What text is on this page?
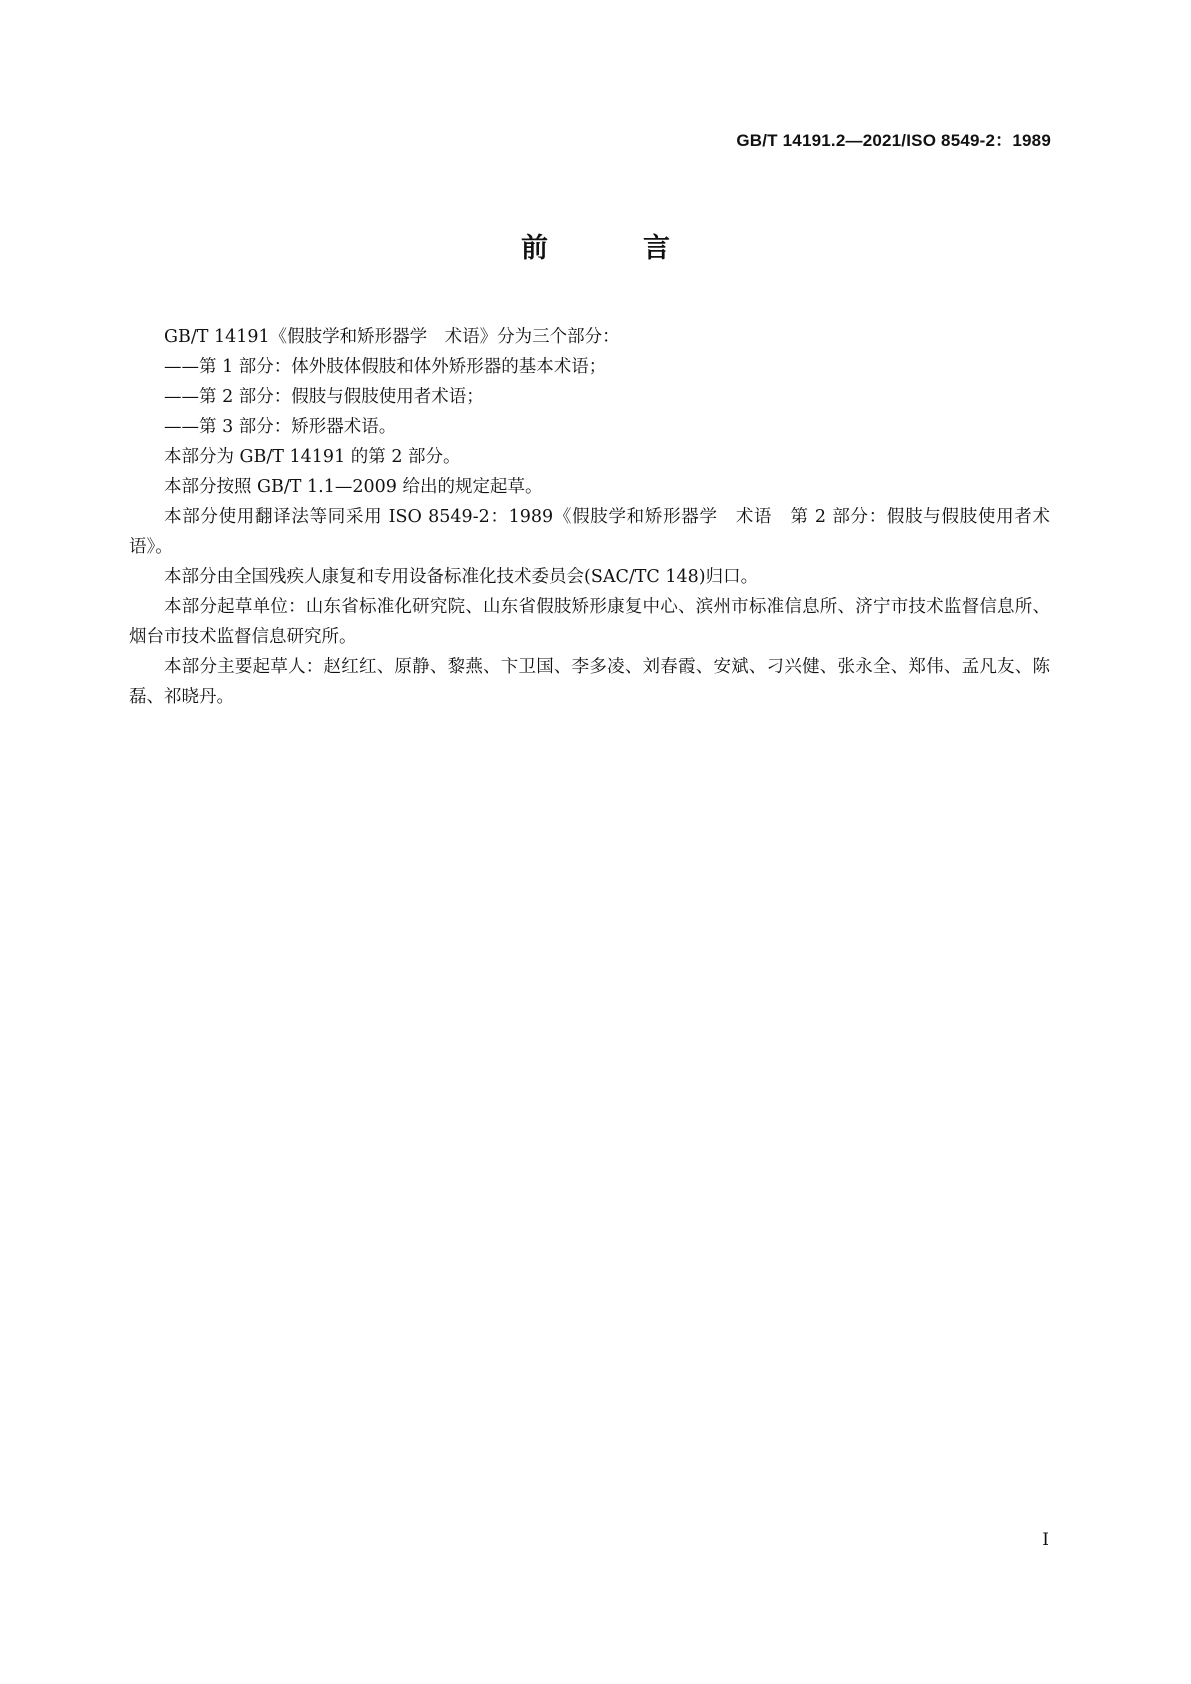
GB/T 14191.2—2021/ISO 8549-2：1989
前　言

GB/T 14191《假肢学和矫形器学　术语》分为三个部分：

——第 1 部分：体外肢体假肢和体外矫形器的基本术语；

——第 2 部分：假肢与假肢使用者术语；

——第 3 部分：矫形器术语。

本部分为 GB/T 14191 的第 2 部分。

本部分按照 GB/T 1.1—2009 给出的规定起草。

本部分使用翻译法等同采用 ISO 8549-2：1989《假肢学和矫形器学　术语　第 2 部分：假肢与假肢使用者术语》。

本部分由全国残疾人康复和专用设备标准化技术委员会(SAC/TC 148)归口。

本部分起草单位：山东省标准化研究院、山东省假肢矫形康复中心、滨州市标准信息所、济宁市技术监督信息所、烟台市技术监督信息研究所。

本部分主要起草人：赵红红、原静、黎燕、卞卫国、李多凌、刘春霞、安斌、刁兴健、张永全、郑伟、孟凡友、陈磊、祁晓丹。

I
